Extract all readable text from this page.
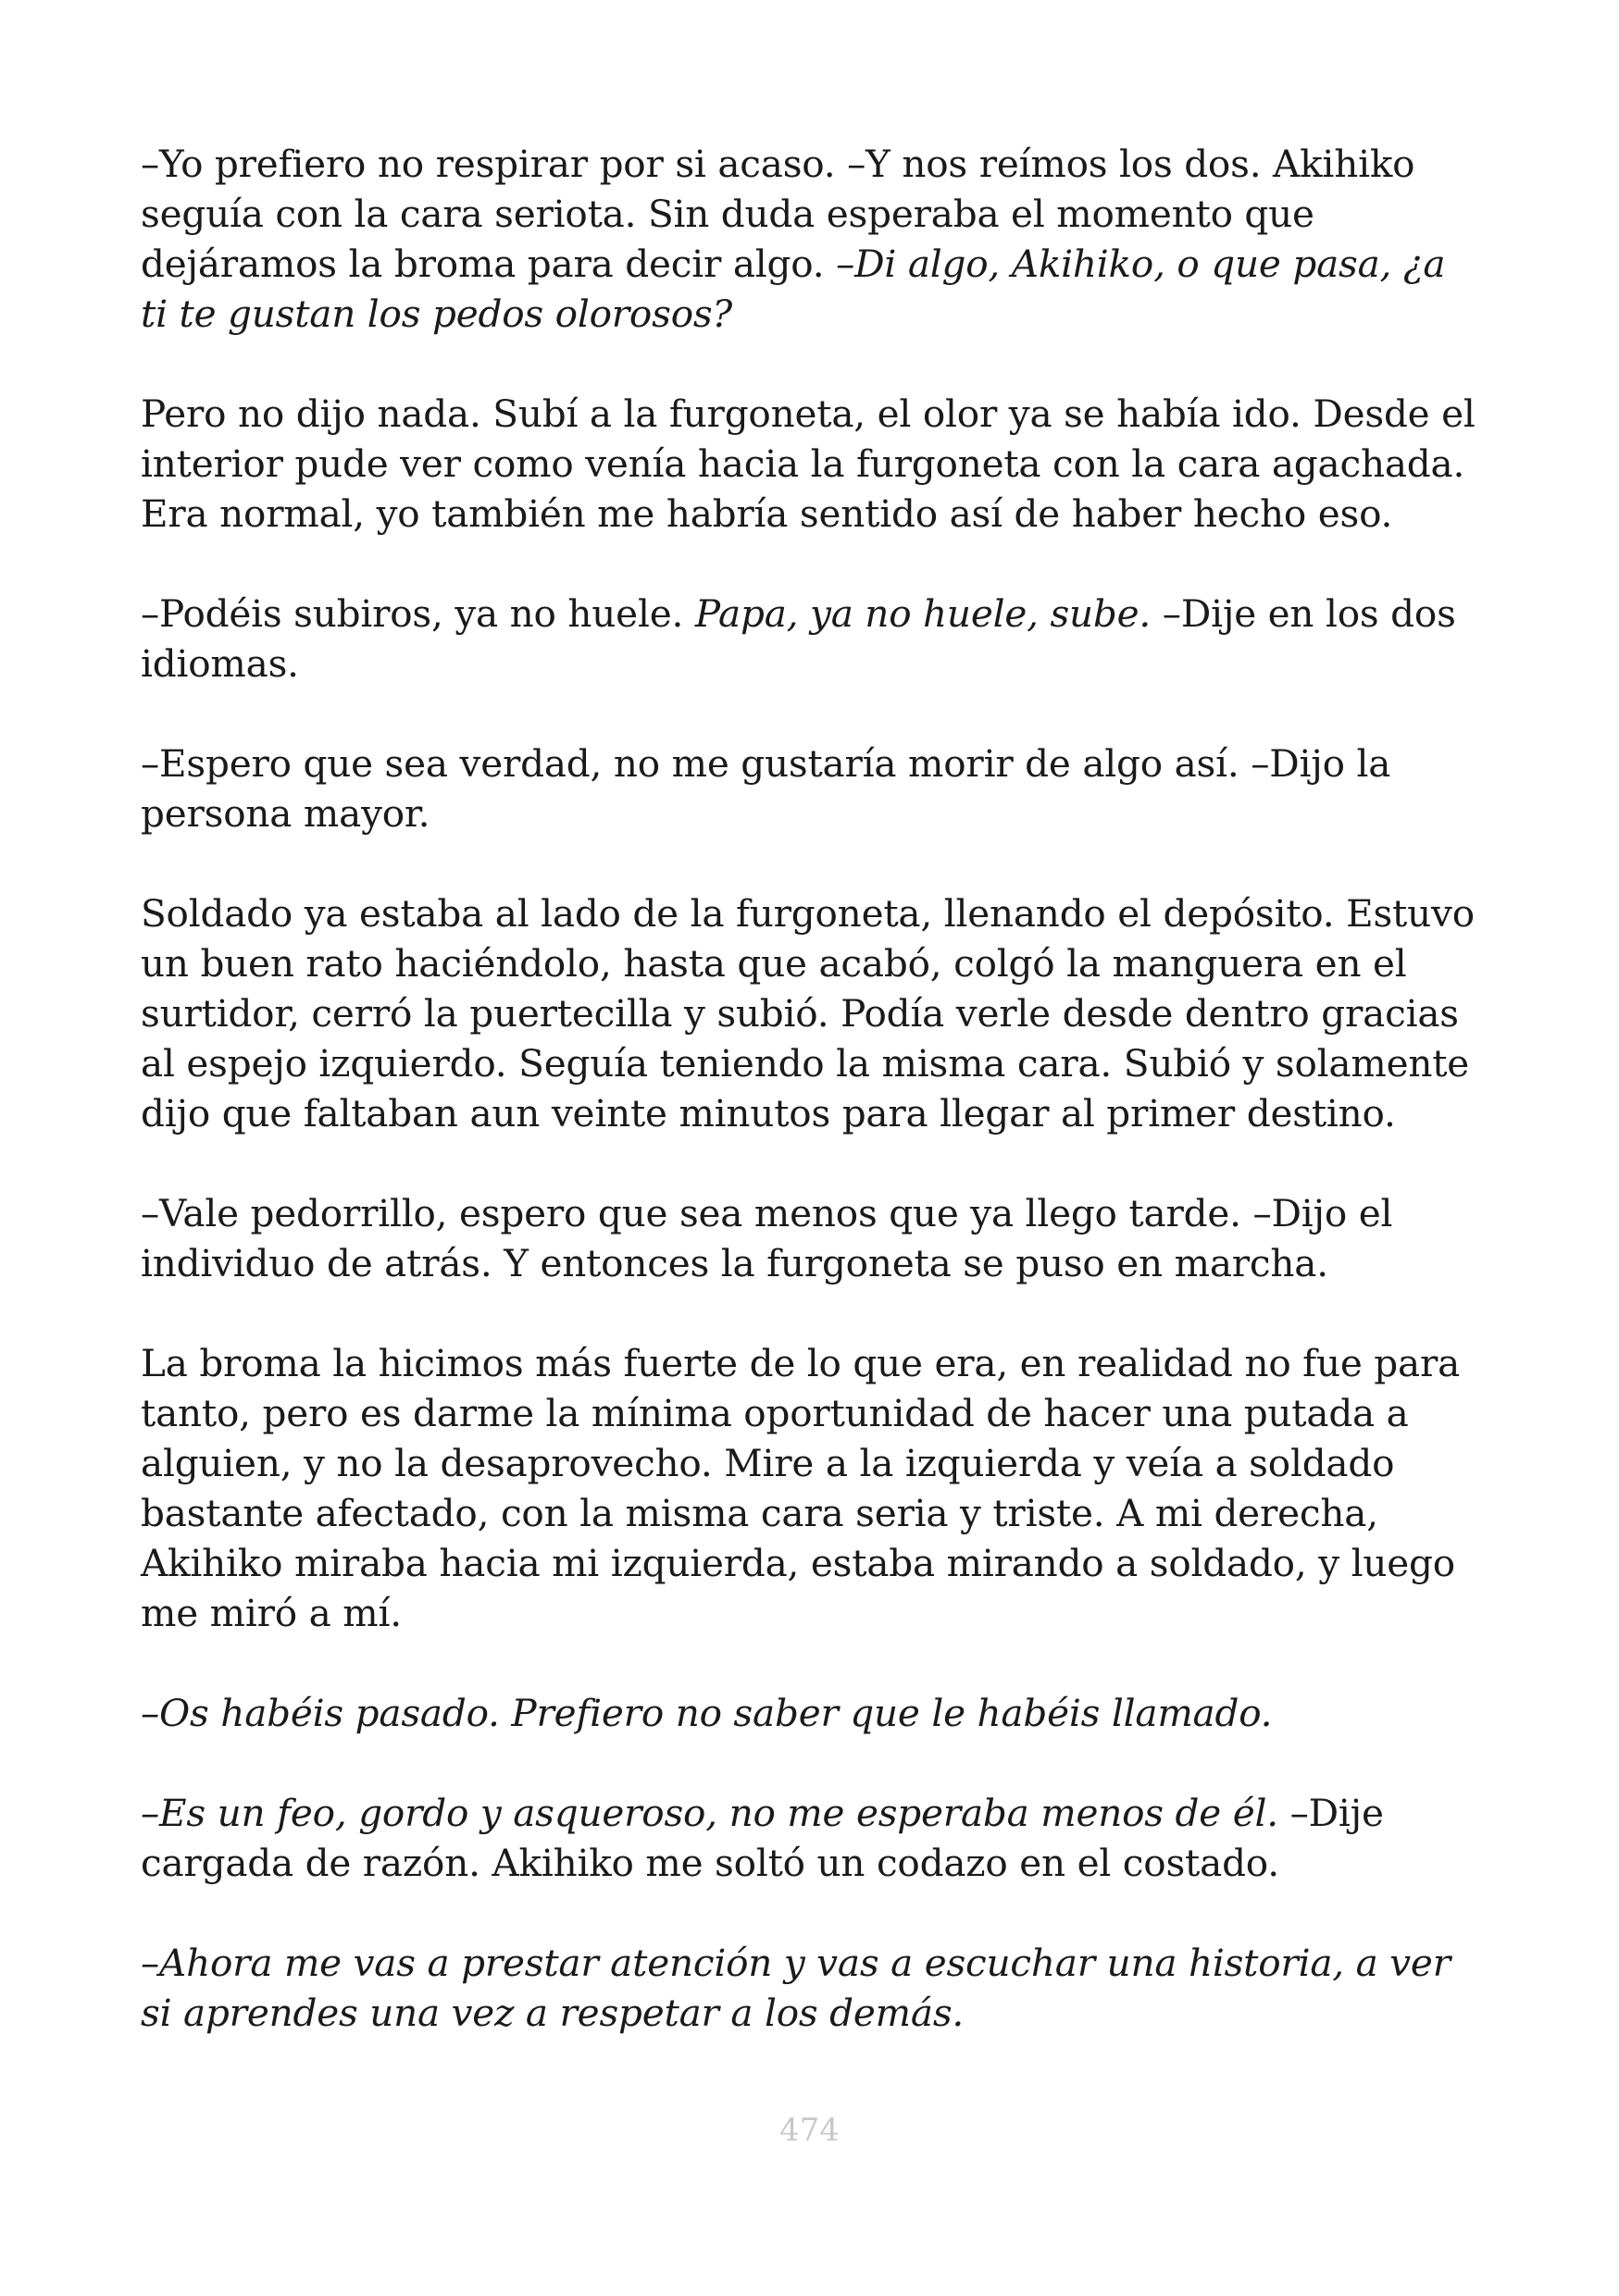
–Yo prefiero no respirar por si acaso. –Y nos reímos los dos. Akihiko seguía con la cara seriota. Sin duda esperaba el momento que dejáramos la broma para decir algo. –Di algo, Akihiko, o que pasa, ¿a ti te gustan los pedos olorosos?

Pero no dijo nada. Subí a la furgoneta, el olor ya se había ido. Desde el interior pude ver como venía hacia la furgoneta con la cara agachada. Era normal, yo también me habría sentido así de haber hecho eso.

–Podéis subiros, ya no huele. Papa, ya no huele, sube. –Dije en los dos idiomas.

–Espero que sea verdad, no me gustaría morir de algo así. –Dijo la persona mayor.

Soldado ya estaba al lado de la furgoneta, llenando el depósito. Estuvo un buen rato haciéndolo, hasta que acabó, colgó la manguera en el surtidor, cerró la puertecilla y subió. Podía verle desde dentro gracias al espejo izquierdo. Seguía teniendo la misma cara. Subió y solamente dijo que faltaban aun veinte minutos para llegar al primer destino.

–Vale pedorrillo, espero que sea menos que ya llego tarde. –Dijo el individuo de atrás. Y entonces la furgoneta se puso en marcha.

La broma la hicimos más fuerte de lo que era, en realidad no fue para tanto, pero es darme la mínima oportunidad de hacer una putada a alguien, y no la desaprovecho. Mire a la izquierda y veía a soldado bastante afectado, con la misma cara seria y triste. A mi derecha, Akihiko miraba hacia mi izquierda, estaba mirando a soldado, y luego me miró a mí.

–Os habéis pasado. Prefiero no saber que le habéis llamado.

–Es un feo, gordo y asqueroso, no me esperaba menos de él. –Dije cargada de razón. Akihiko me soltó un codazo en el costado.

–Ahora me vas a prestar atención y vas a escuchar una historia, a ver si aprendes una vez a respetar a los demás.

474
